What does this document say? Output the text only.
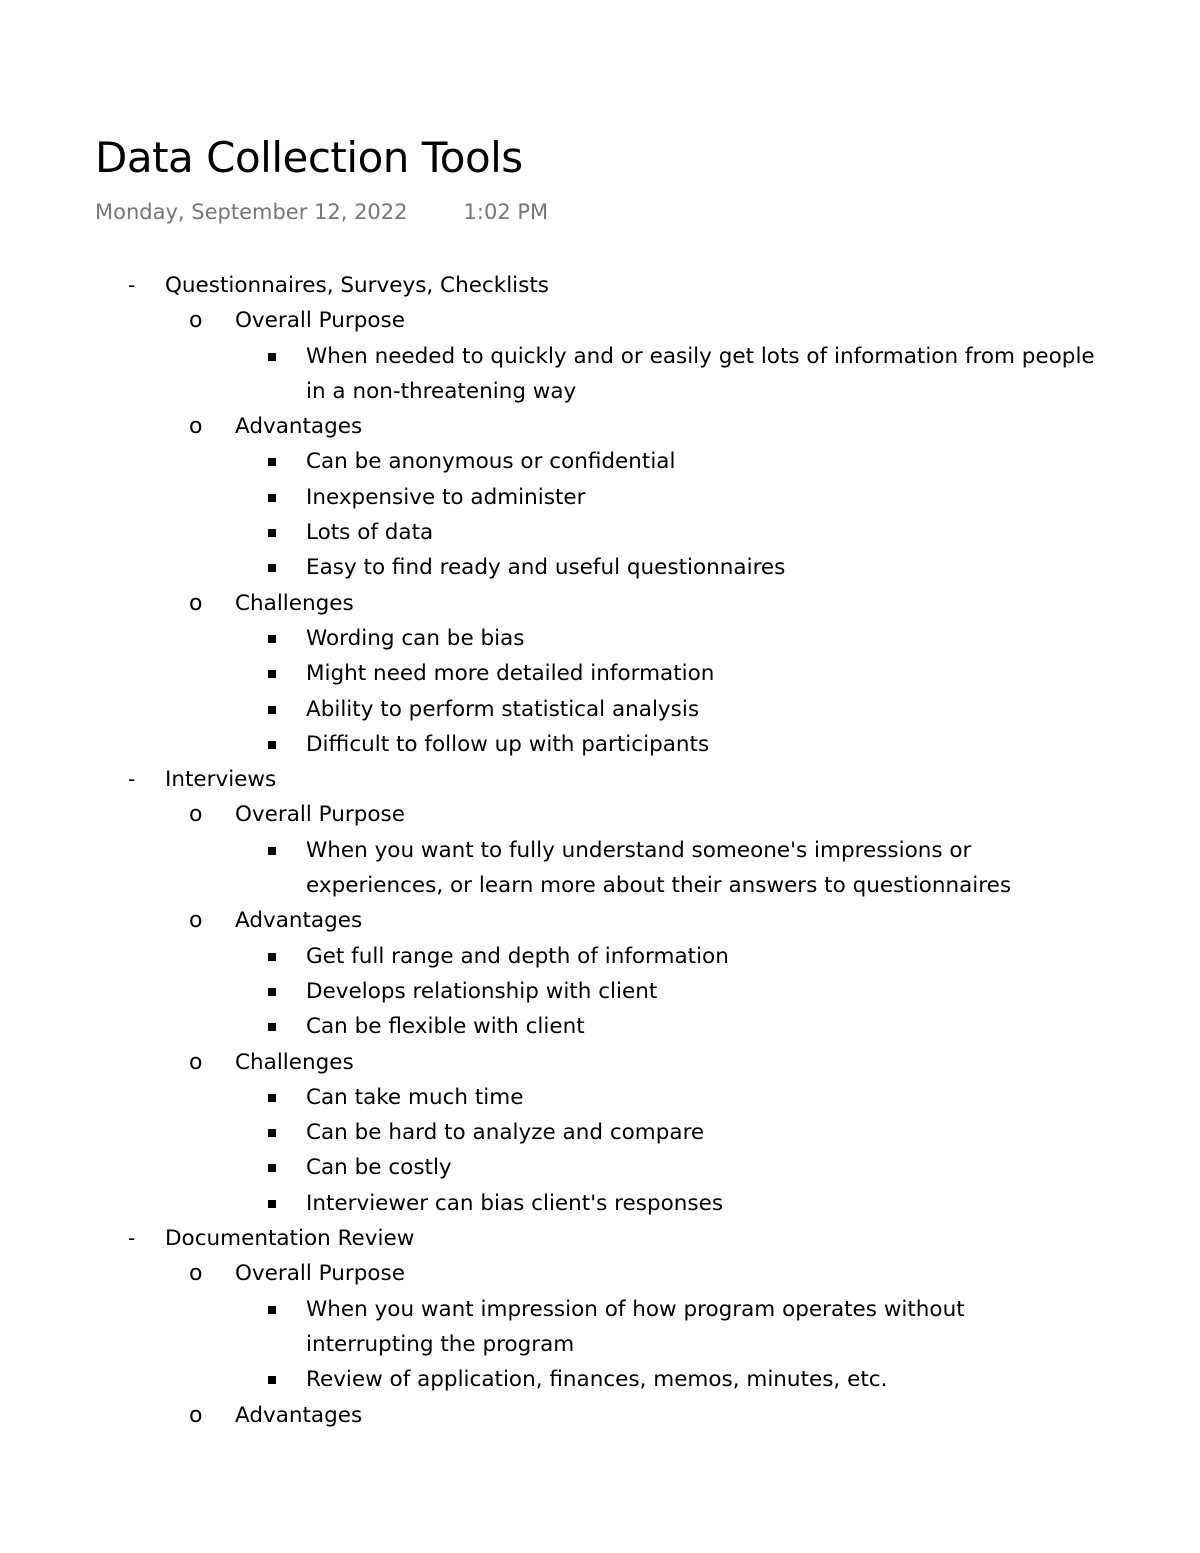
Data Collection Tools
Monday, September 12, 2022	1:02 PM
- Questionnaires, Surveys, Checklists
o Overall Purpose
When needed to quickly and or easily get lots of information from people in a non-threatening way
o Advantages
Can be anonymous or confidential
Inexpensive to administer
Lots of data
Easy to find ready and useful questionnaires
o Challenges
Wording can be bias
Might need more detailed information
Ability to perform statistical analysis
Difficult to follow up with participants
- Interviews
o Overall Purpose
When you want to fully understand someone's impressions or experiences, or learn more about their answers to questionnaires
o Advantages
Get full range and depth of information
Develops relationship with client
Can be flexible with client
o Challenges
Can take much time
Can be hard to analyze and compare
Can be costly
Interviewer can bias client's responses
- Documentation Review
o Overall Purpose
When you want impression of how program operates without interrupting the program
Review of application, finances, memos, minutes, etc.
o Advantages
